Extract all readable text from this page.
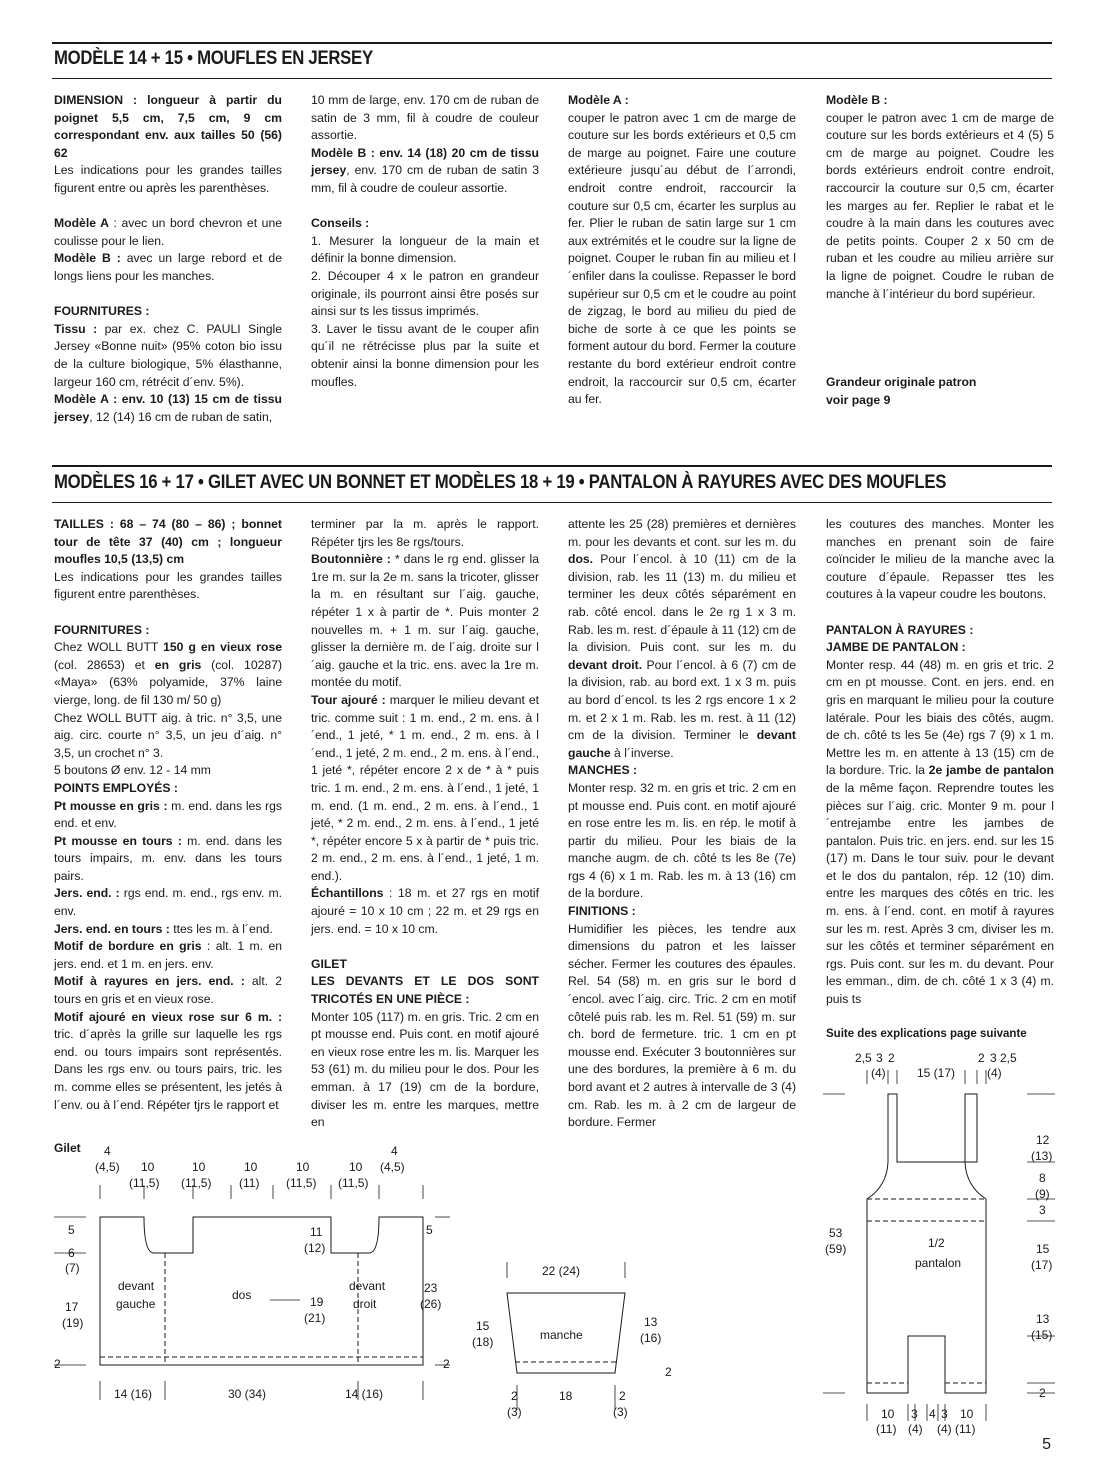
MODÈLE 14 + 15 • MOUFLES EN JERSEY

DIMENSION : longueur à partir du poignet 5,5 cm, 7,5 cm, 9 cm correspondant env. aux tailles 50 (56) 62

Les indications pour les grandes tailles figurent entre ou après les parenthèses.

Modèle A : avec un bord chevron et une coulisse pour le lien.

Modèle B : avec un large rebord et de longs liens pour les manches.

FOURNITURES :

Tissu : par ex. chez C. PAULI Single Jersey «Bonne nuit» (95% coton bio issu de la culture biologique, 5% élasthanne, largeur 160 cm, rétrécit d´env. 5%).

Modèle A : env. 10 (13) 15 cm de tissu jersey, 12 (14) 16 cm de ruban de satin,

10 mm de large, env. 170 cm de ruban de satin de 3 mm, fil à coudre de couleur assortie.

Modèle B : env. 14 (18) 20 cm de tissu jersey, env. 170 cm de ruban de satin 3 mm, fil à coudre de couleur assortie.

Conseils :

1. Mesurer la longueur de la main et définir la bonne dimension.

2. Découper 4 x le patron en grandeur originale, ils pourront ainsi être posés sur ainsi sur ts les tissus imprimés.

3. Laver le tissu avant de le couper afin qu´il ne rétrécisse plus par la suite et obtenir ainsi la bonne dimension pour les moufles.

Modèle A :

couper le patron avec 1 cm de marge de couture sur les bords extérieurs et 0,5 cm de marge au poignet. Faire une couture extérieure jusqu´au début de l´arrondi, endroit contre endroit, raccourcir la couture sur 0,5 cm, écarter les surplus au fer. Plier le ruban de satin large sur 1 cm aux extrémités et le coudre sur la ligne de poignet. Couper le ruban fin au milieu et l´enfiler dans la coulisse. Repasser le bord supérieur sur 0,5 cm et le coudre au point de zigzag, le bord au milieu du pied de biche de sorte à ce que les points se forment autour du bord. Fermer la couture restante du bord extérieur endroit contre endroit, la raccourcir sur 0,5 cm, écarter au fer.

Modèle B :

couper le patron avec 1 cm de marge de couture sur les bords extérieurs et 4 (5) 5 cm de marge au poignet. Coudre les bords extérieurs endroit contre endroit, raccourcir la couture sur 0,5 cm, écarter les marges au fer. Replier le rabat et le coudre à la main dans les coutures avec de petits points. Couper 2 x 50 cm de ruban et les coudre au milieu arrière sur la ligne de poignet. Coudre le ruban de manche à l´intérieur du bord supérieur.

Grandeur originale patron
voir page 9
MODÈLES 16 + 17 • GILET AVEC UN BONNET ET MODÈLES 18 + 19 • PANTALON À RAYURES AVEC DES MOUFLES

TAILLES : 68 – 74 (80 – 86) ; bonnet tour de tête 37 (40) cm ; longueur moufles 10,5 (13,5) cm

Les indications pour les grandes tailles figurent entre parenthèses.

FOURNITURES :

Chez WOLL BUTT 150 g en vieux rose (col. 28653) et en gris (col. 10287) «Maya» (63% polyamide, 37% laine vierge, long. de fil 130 m/ 50 g)

Chez WOLL BUTT aig. à tric. n° 3,5, une aig. circ. courte n° 3,5, un jeu d´aig. n° 3,5, un crochet n° 3.

5 boutons Ø env. 12 - 14 mm

POINTS EMPLOYÉS :

Pt mousse en gris : m. end. dans les rgs end. et env.

Pt mousse en tours : m. end. dans les tours impairs, m. env. dans les tours pairs.

Jers. end. : rgs end. m. end., rgs env. m. env.

Jers. end. en tours : ttes les m. à l´end.

Motif de bordure en gris : alt. 1 m. en jers. end. et 1 m. en jers. env.

Motif à rayures en jers. end. : alt. 2 tours en gris et en vieux rose.

Motif ajouré en vieux rose sur 6 m. : tric. d´après la grille sur laquelle les rgs end. ou tours impairs sont représentés. Dans les rgs env. ou tours pairs, tric. les m. comme elles se présentent, les jetés à l´env. ou à l´end. Répéter tjrs le rapport et

terminer par la m. après le rapport. Répéter tjrs les 8e rgs/tours.

Boutonnière : * dans le rg end. glisser la 1re m. sur la 2e m. sans la tricoter, glisser la m. en résultant sur l´aig. gauche, répéter 1 x à partir de *. Puis monter 2 nouvelles m. + 1 m. sur l´aig. gauche, glisser la dernière m. de l´aig. droite sur l´aig. gauche et la tric. ens. avec la 1re m. montée du motif.

Tour ajouré : marquer le milieu devant et tric. comme suit : 1 m. end., 2 m. ens. à l´end., 1 jeté, * 1 m. end., 2 m. ens. à l´end., 1 jeté, 2 m. end., 2 m. ens. à l´end., 1 jeté *, répéter encore 2 x de * à * puis tric. 1 m. end., 2 m. ens. à l´end., 1 jeté, 1 m. end. (1 m. end., 2 m. ens. à l´end., 1 jeté, * 2 m. end., 2 m. ens. à l´end., 1 jeté *, répéter encore 5 x à partir de * puis tric. 2 m. end., 2 m. ens. à l´end., 1 jeté, 1 m. end.).

Échantillons : 18 m. et 27 rgs en motif ajouré = 10 x 10 cm ; 22 m. et 29 rgs en jers. end. = 10 x 10 cm.

GILET

LES DEVANTS ET LE DOS SONT TRICOTÉS EN UNE PIÈCE :

Monter 105 (117) m. en gris. Tric. 2 cm en pt mousse end. Puis cont. en motif ajouré en vieux rose entre les m. lis. Marquer les 53 (61) m. du milieu pour le dos. Pour les emman. à 17 (19) cm de la bordure, diviser les m. entre les marques, mettre en

attente les 25 (28) premières et dernières m. pour les devants et cont. sur les m. du dos. Pour l´encol. à 10 (11) cm de la division, rab. les 11 (13) m. du milieu et terminer les deux côtés séparément en rab. côté encol. dans le 2e rg 1 x 3 m. Rab. les m. rest. d´épaule à 11 (12) cm de la division. Puis cont. sur les m. du devant droit. Pour l´encol. à 6 (7) cm de la division, rab. au bord ext. 1 x 3 m. puis au bord d´encol. ts les 2 rgs encore 1 x 2 m. et 2 x 1 m. Rab. les m. rest. à 11 (12) cm de la division. Terminer le devant gauche à l´inverse.

MANCHES :

Monter resp. 32 m. en gris et tric. 2 cm en pt mousse end. Puis cont. en motif ajouré en rose entre les m. lis. en rép. le motif à partir du milieu. Pour les biais de la manche augm. de ch. côté ts les 8e (7e) rgs 4 (6) x 1 m. Rab. les m. à 13 (16) cm de la bordure.

FINITIONS :

Humidifier les pièces, les tendre aux dimensions du patron et les laisser sécher. Fermer les coutures des épaules. Rel. 54 (58) m. en gris sur le bord d´encol. avec l´aig. circ. Tric. 2 cm en motif côtelé puis rab. les m. Rel. 51 (59) m. sur ch. bord de fermeture. tric. 1 cm en pt mousse end. Exécuter 3 boutonnières sur une des bordures, la première à 6 m. du bord avant et 2 autres à intervalle de 3 (4) cm. Rab. les m. à 2 cm de largeur de bordure. Fermer

les coutures des manches. Monter les manches en prenant soin de faire coïncider le milieu de la manche avec la couture d´épaule. Repasser ttes les coutures à la vapeur coudre les boutons.

PANTALON À RAYURES :

JAMBE DE PANTALON :

Monter resp. 44 (48) m. en gris et tric. 2 cm en pt mousse. Cont. en jers. end. en gris en marquant le milieu pour la couture latérale. Pour les biais des côtés, augm. de ch. côté ts les 5e (4e) rgs 7 (9) x 1 m. Mettre les m. en attente à 13 (15) cm de la bordure. Tric. la 2e jambe de pantalon de la même façon. Reprendre toutes les pièces sur l´aig. cric. Monter 9 m. pour l´entrejambe entre les jambes de pantalon. Puis tric. en jers. end. sur les 15 (17) m. Dans le tour suiv. pour le devant et le dos du pantalon, rép. 12 (10) dim. entre les marques des côtés en tric. les m. ens. à l´end. cont. en motif à rayures sur les m. rest. Après 3 cm, diviser les m. sur les côtés et terminer séparément en rgs. Puis cont. sur les m. du devant. Pour les emman., dim. de ch. côté 1 x 3 (4) m. puis ts

Suite des explications page suivante

Gilet 4
(4,5) 10
(11,5)
10
(11,5)
10
(11)
10
(11,5)
10
(11,5)
4
(4,5)
5
6
(7)
17
(19)
2
11
(12)
19
(21)
5
23
(26)
2
devant
gauche
dos
devant
droit
14 (16)	30 (34)	14 (16)
22 (24)
15
(18)
13
(16)
manche
2
2
(3)
18	2
(3)
2,5 3 2
(4)	15 (17)
2 3 2,5
(4)
12
(13)
8
(9)
3
15
(17)
13
(15)
2
53
(59)	1/2
pantalon
10
(11)
3
(4)
4 3
(4)
10
(11)
5
